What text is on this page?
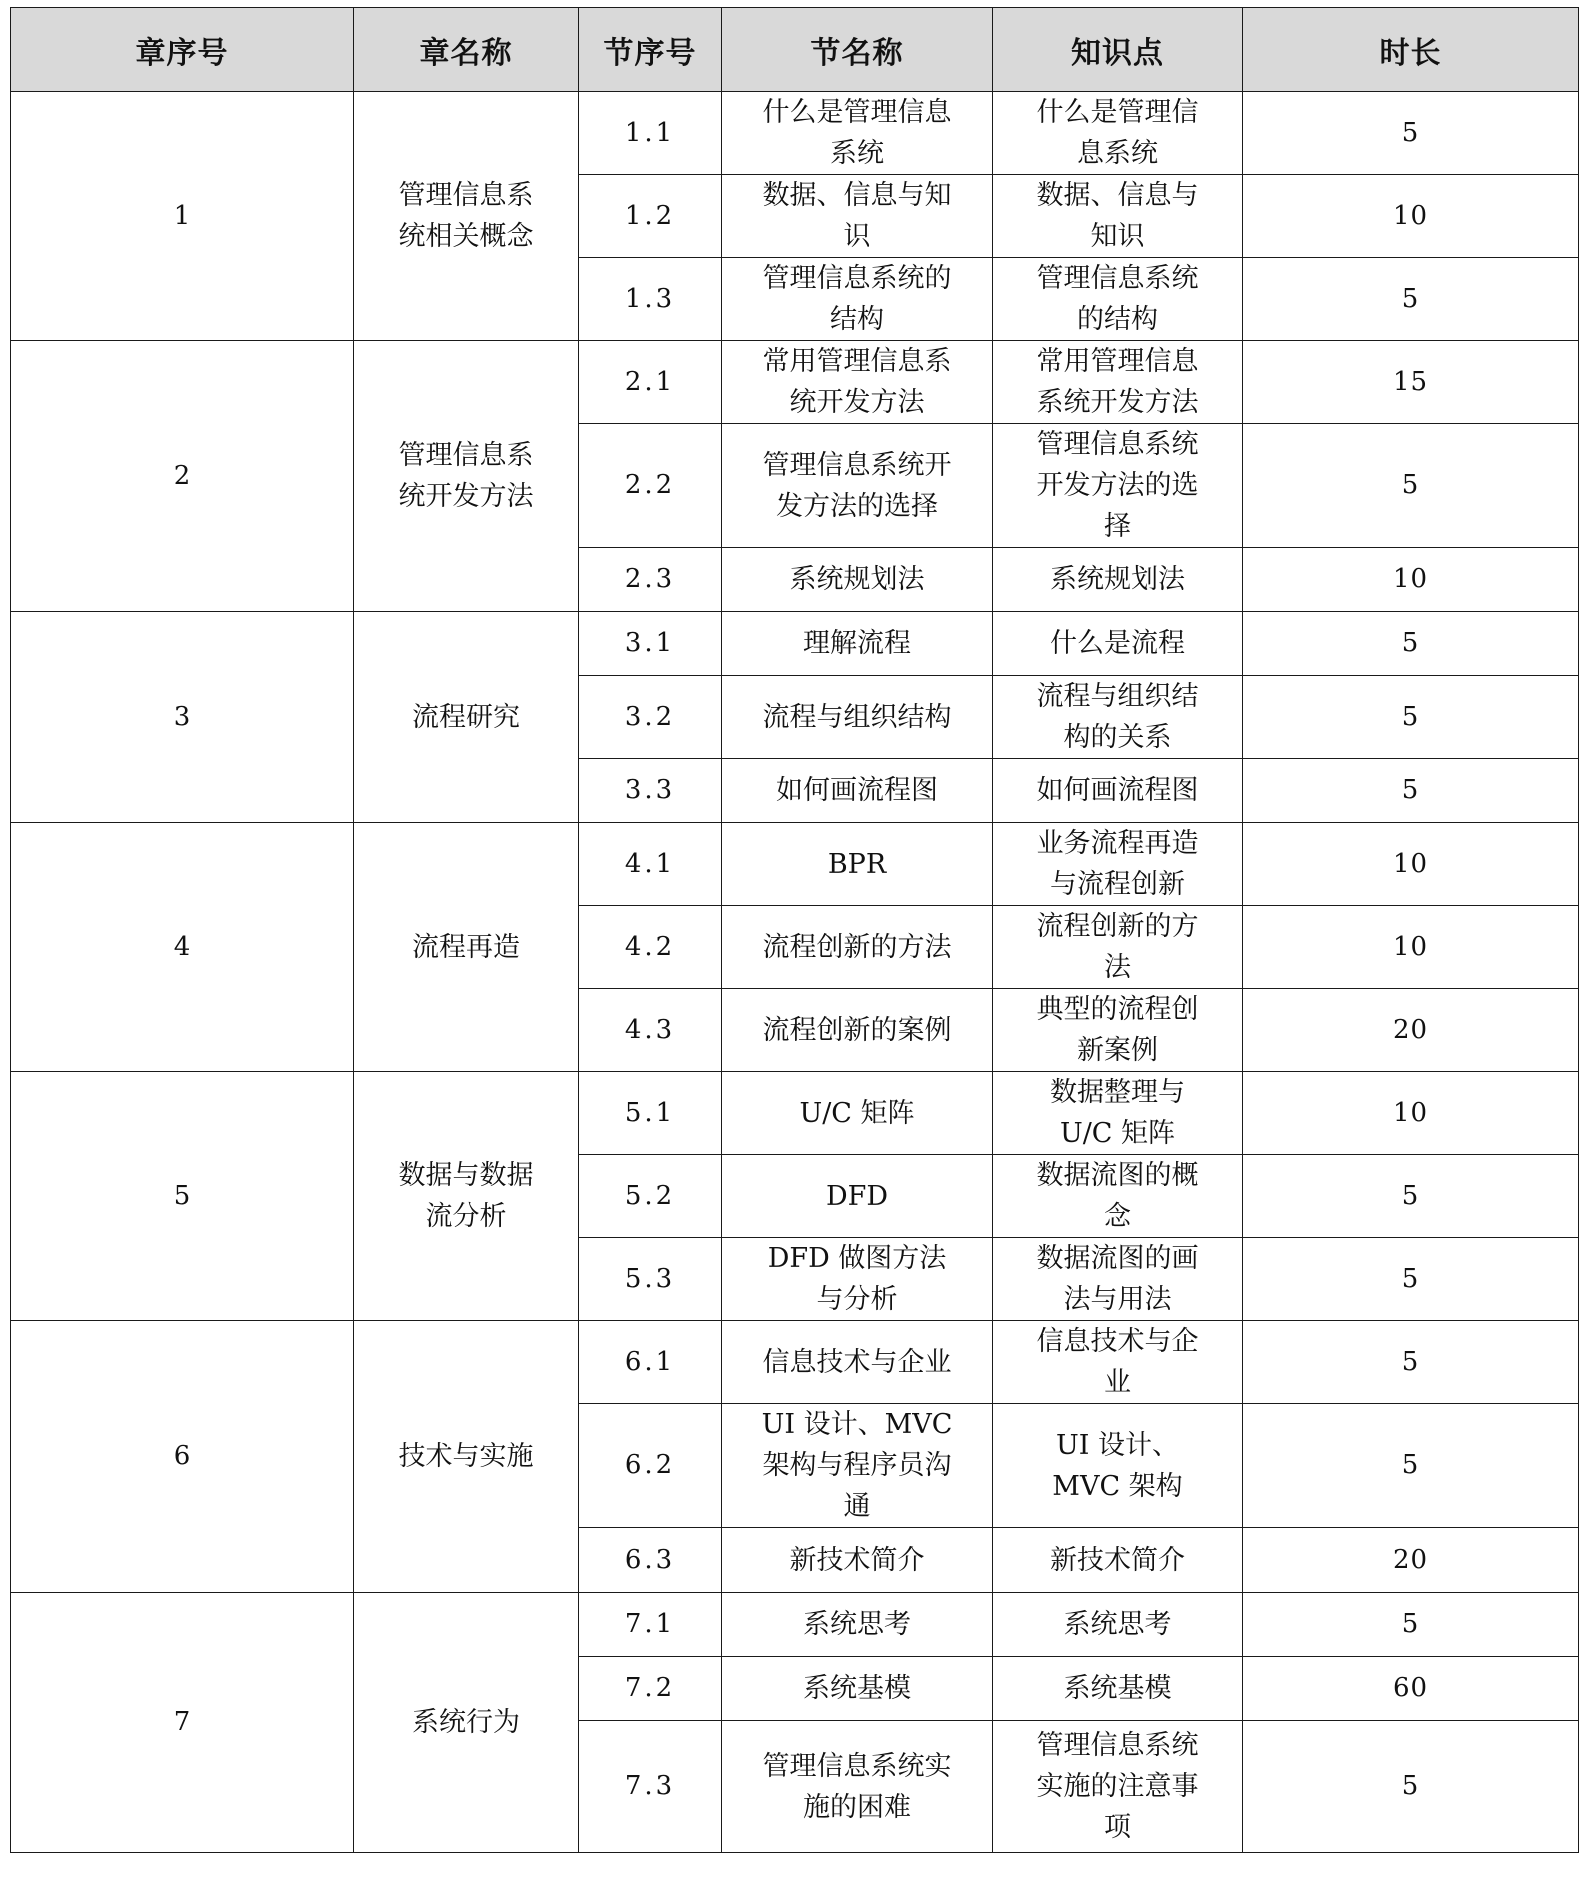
章序号	章名称	节序号	节名称	知识点	时长
1	管理信息系统相关概念	1.1	什么是管理信息系统	什么是管理信息系统	5
		1.2	数据、信息与知识	数据、信息与知识	10
		1.3	管理信息系统的结构	管理信息系统的结构	5
2	管理信息系统开发方法	2.1	常用管理信息系统开发方法	常用管理信息系统开发方法	15
		2.2	管理信息系统开发方法的选择	管理信息系统开发方法的选择	5
		2.3	系统规划法	系统规划法	10
3	流程研究	3.1	理解流程	什么是流程	5
		3.2	流程与组织结构	流程与组织结构的关系	5
		3.3	如何画流程图	如何画流程图	5
4	流程再造	4.1	BPR	业务流程再造与流程创新	10
		4.2	流程创新的方法	流程创新的方法	10
		4.3	流程创新的案例	典型的流程创新案例	20
5	数据与数据流分析	5.1	U/C 矩阵	数据整理与 U/C 矩阵	10
		5.2	DFD	数据流图的概念	5
		5.3	DFD 做图方法与分析	数据流图的画法与用法	5
6	技术与实施	6.1	信息技术与企业	信息技术与企业	5
		6.2	UI 设计、MVC 架构与程序员沟通	UI 设计、MVC 架构	5
		6.3	新技术简介	新技术简介	20
7	系统行为	7.1	系统思考	系统思考	5
		7.2	系统基模	系统基模	60
		7.3	管理信息系统实施的困难	管理信息系统实施的注意事项	5
